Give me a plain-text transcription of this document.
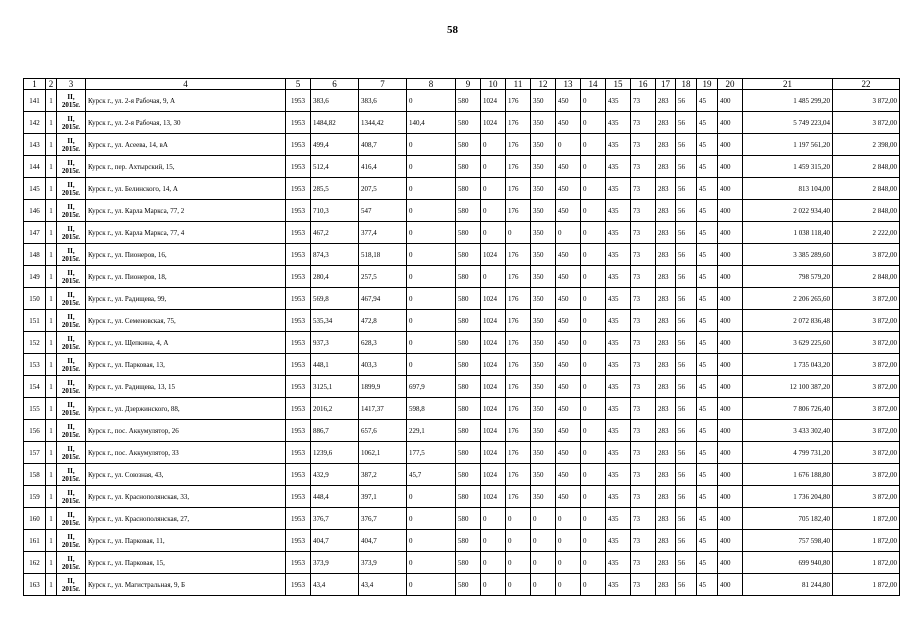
58
1	2	3	4	5	6	7	8	9	10	11	12	13	14	15	16	17	18	19	20	21	22
141	1	II,
2015г.	Курск г., ул. 2-я Рабочая, 9, А	1953	383,6	383,6	0	580	1024	176	350	450	0	435	73	283	56	45	400	1 485 299,20	3 872,00
142	1	II,
2015г.	Курск г., ул. 2-я Рабочая, 13, 30	1953	1484,82	1344,42	140,4	580	1024	176	350	450	0	435	73	283	56	45	400	5 749 223,04	3 872,00
143	1	II,
2015г.	Курск г., ул. Асеева, 14, вА	1953	499,4	408,7	0	580	0	176	350	0	0	435	73	283	56	45	400	1 197 561,20	2 398,00
144	1	II,
2015г.	Курск г., пер. Ахтырский, 15,	1953	512,4	416,4	0	580	0	176	350	450	0	435	73	283	56	45	400	1 459 315,20	2 848,00
145	1	II,
2015г.	Курск г., ул. Белинского, 14, А	1953	285,5	207,5	0	580	0	176	350	450	0	435	73	283	56	45	400	813 104,00	2 848,00
146	1	II,
2015г.	Курск г., ул. Карла Маркса, 77, 2	1953	710,3	547	0	580	0	176	350	450	0	435	73	283	56	45	400	2 022 934,40	2 848,00
147	1	II,
2015г.	Курск г., ул. Карла Маркса, 77, 4	1953	467,2	377,4	0	580	0	0	350	0	0	435	73	283	56	45	400	1 038 118,40	2 222,00
148	1	II,
2015г.	Курск г., ул. Пионеров, 16,	1953	874,3	518,18	0	580	1024	176	350	450	0	435	73	283	56	45	400	3 385 289,60	3 872,00
149	1	II,
2015г.	Курск г., ул. Пионеров, 18,	1953	280,4	257,5	0	580	0	176	350	450	0	435	73	283	56	45	400	798 579,20	2 848,00
150	1	II,
2015г.	Курск г., ул. Радищева, 99,	1953	569,8	467,94	0	580	1024	176	350	450	0	435	73	283	56	45	400	2 206 265,60	3 872,00
151	1	II,
2015г.	Курск г., ул. Семеновская, 75,	1953	535,34	472,8	0	580	1024	176	350	450	0	435	73	283	56	45	400	2 072 836,48	3 872,00
152	1	II,
2015г.	Курск г., ул. Щепкина, 4, А	1953	937,3	628,3	0	580	1024	176	350	450	0	435	73	283	56	45	400	3 629 225,60	3 872,00
153	1	II,
2015г.	Курск г., ул. Парковая, 13,	1953	448,1	403,3	0	580	1024	176	350	450	0	435	73	283	56	45	400	1 735 043,20	3 872,00
154	1	II,
2015г.	Курск г., ул. Радищева, 13, 15	1953	3125,1	1899,9	697,9	580	1024	176	350	450	0	435	73	283	56	45	400	12 100 387,20	3 872,00
155	1	II,
2015г.	Курск г., ул. Дзержинского, 88,	1953	2016,2	1417,37	598,8	580	1024	176	350	450	0	435	73	283	56	45	400	7 806 726,40	3 872,00
156	1	II,
2015г.	Курск г., пос. Аккумулятор, 26	1953	886,7	657,6	229,1	580	1024	176	350	450	0	435	73	283	56	45	400	3 433 302,40	3 872,00
157	1	II,
2015г.	Курск г., пос. Аккумулятор, 33	1953	1239,6	1062,1	177,5	580	1024	176	350	450	0	435	73	283	56	45	400	4 799 731,20	3 872,00
158	1	II,
2015г.	Курск г., ул. Союзная, 43,	1953	432,9	387,2	45,7	580	1024	176	350	450	0	435	73	283	56	45	400	1 676 188,80	3 872,00
159	1	II,
2015г.	Курск г., ул. Краснополянская, 33,	1953	448,4	397,1	0	580	1024	176	350	450	0	435	73	283	56	45	400	1 736 204,80	3 872,00
160	1	II,
2015г.	Курск г., ул. Краснополянская, 27,	1953	376,7	376,7	0	580	0	0	0	0	0	435	73	283	56	45	400	705 182,40	1 872,00
161	1	II,
2015г.	Курск г., ул. Парковая, 11,	1953	404,7	404,7	0	580	0	0	0	0	0	435	73	283	56	45	400	757 598,40	1 872,00
162	1	II,
2015г.	Курск г., ул. Парковая, 15,	1953	373,9	373,9	0	580	0	0	0	0	0	435	73	283	56	45	400	699 940,80	1 872,00
163	1	II,
2015г.	Курск г., ул. Магистральная, 9, Б	1953	43,4	43,4	0	580	0	0	0	0	0	435	73	283	56	45	400	81 244,80	1 872,00
